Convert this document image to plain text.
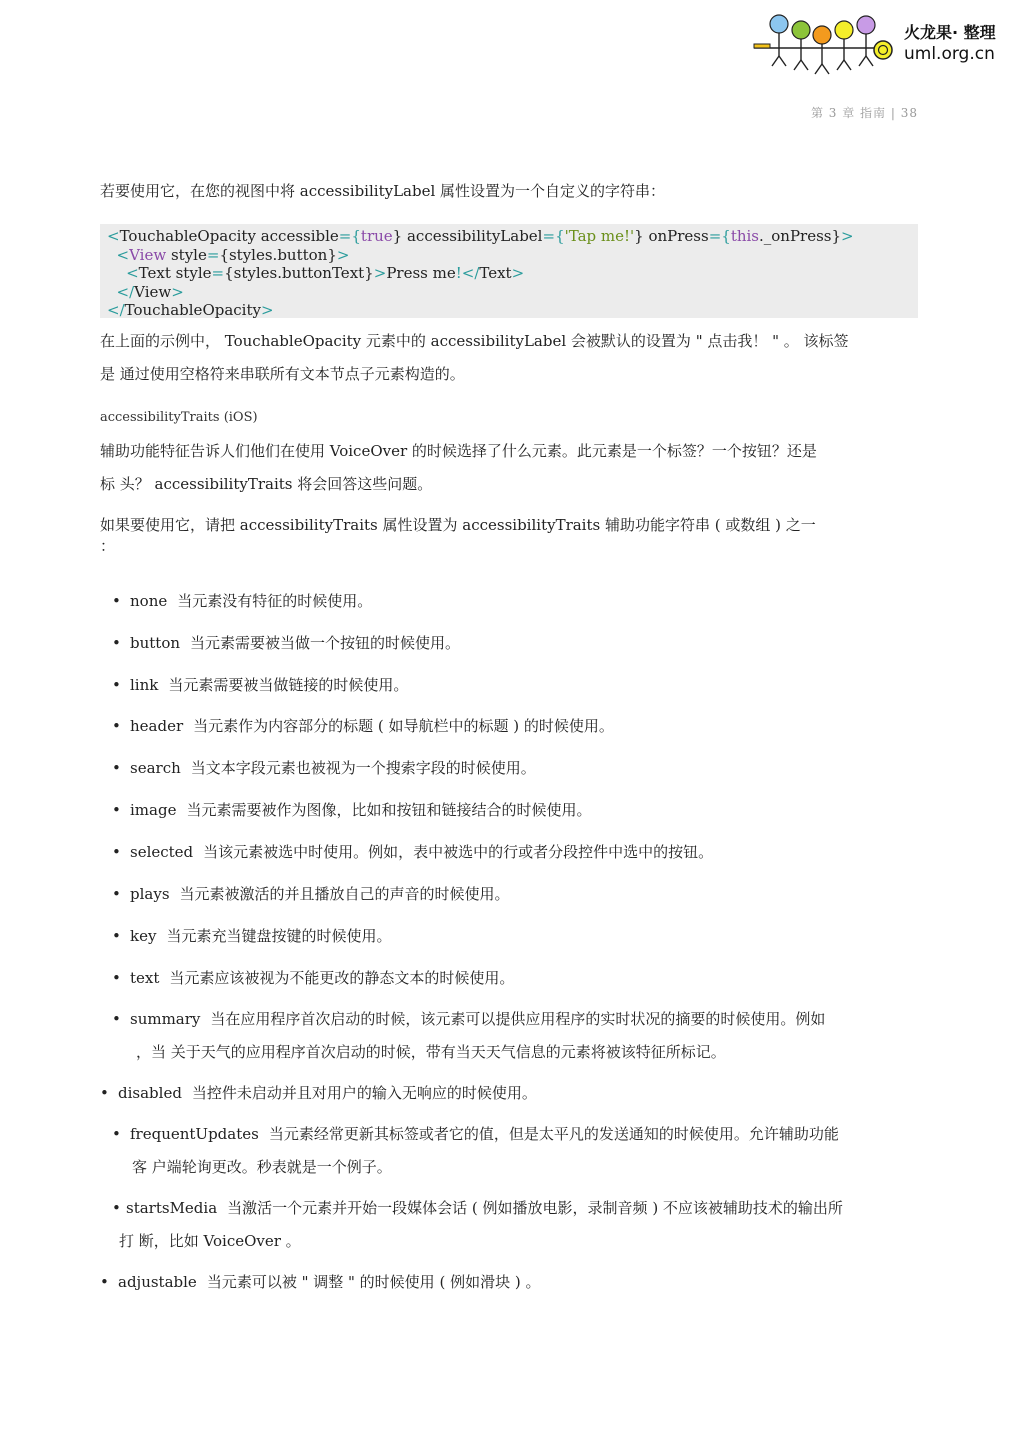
火龙果· 整理
uml.org.cn
第 3 章 指南 | 38
若要使用它，在您的视图中将 accessibilityLabel 属性设置为一个自定义的字符串：
<TouchableOpacity accessible={true} accessibilityLabel={'Tap me!'} onPress={this._onPress}>
<View style={styles.button}>
<Text style={styles.buttonText}>Press me!</Text>
</View>
</TouchableOpacity>
在上面的示例中， TouchableOpacity 元素中的 accessibilityLabel 会被默认的设置为 " 点击我！ " 。 该标签
是 通过使用空格符来串联所有文本节点子元素构造的。
accessibilityTraits (iOS)
辅助功能特征告诉人们他们在使用 VoiceOver 的时候选择了什么元素。此元素是一个标签？一个按钮？还是
标 头？ accessibilityTraits 将会回答这些问题。
如果要使用它，请把 accessibilityTraits 属性设置为 accessibilityTraits 辅助功能字符串 ( 或数组 ) 之一
：
• none 当元素没有特征的时候使用。
• button 当元素需要被当做一个按钮的时候使用。
• link 当元素需要被当做链接的时候使用。
• header 当元素作为内容部分的标题 ( 如导航栏中的标题 ) 的时候使用。
• search 当文本字段元素也被视为一个搜索字段的时候使用。
• image 当元素需要被作为图像，比如和按钮和链接结合的时候使用。
• selected 当该元素被选中时使用。例如，表中被选中的行或者分段控件中选中的按钮。
• plays 当元素被激活的并且播放自己的声音的时候使用。
• key 当元素充当键盘按键的时候使用。
• text 当元素应该被视为不能更改的静态文本的时候使用。
• summary 当在应用程序首次启动的时候，该元素可以提供应用程序的实时状况的摘要的时候使用。例如
，当 关于天气的应用程序首次启动的时候，带有当天天气信息的元素将被该特征所标记。
• disabled 当控件未启动并且对用户的输入无响应的时候使用。
• frequentUpdates 当元素经常更新其标签或者它的值，但是太平凡的发送通知的时候使用。允许辅助功能
客 户端轮询更改。秒表就是一个例子。
• startsMedia 当激活一个元素并开始一段媒体会话 ( 例如播放电影，录制音频 ) 不应该被辅助技术的输出所
打 断，比如 VoiceOver 。
• adjustable 当元素可以被 " 调整 " 的时候使用 ( 例如滑块 ) 。
